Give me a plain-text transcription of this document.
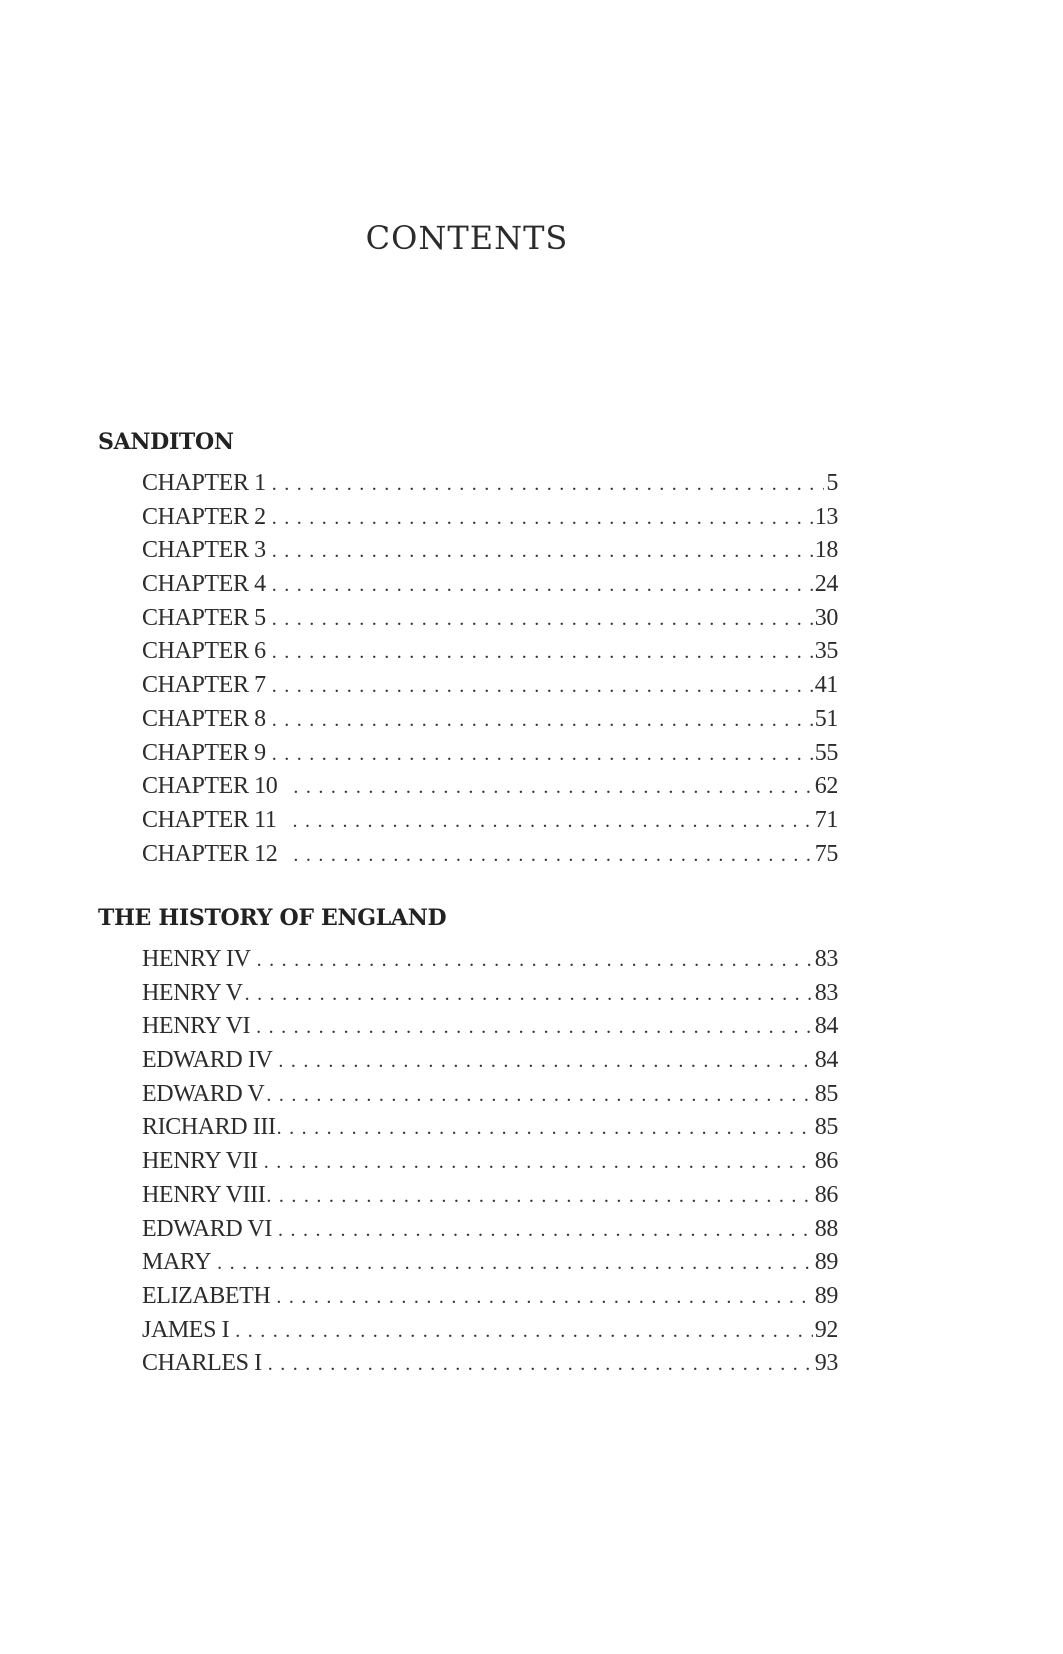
CONTENTS
SANDITON
CHAPTER 1 . . .	5
CHAPTER 2 . . .	13
CHAPTER 3 . . .	18
CHAPTER 4 . . .	24
CHAPTER 5 . . .	30
CHAPTER 6 . . .	35
CHAPTER 7 . . .	41
CHAPTER 8 . . .	51
CHAPTER 9 . . .	55
CHAPTER 10 . . .	62
CHAPTER 11 . . .	71
CHAPTER 12 . . .	75
THE HISTORY OF ENGLAND
HENRY IV . . .	83
HENRY V . . .	83
HENRY VI . . .	84
EDWARD IV . . .	84
EDWARD V . . .	85
RICHARD III . . .	85
HENRY VII . . .	86
HENRY VIII . . .	86
EDWARD VI . . .	88
MARY . . .	89
ELIZABETH . . .	89
JAMES I . . .	92
CHARLES I . . .	93
